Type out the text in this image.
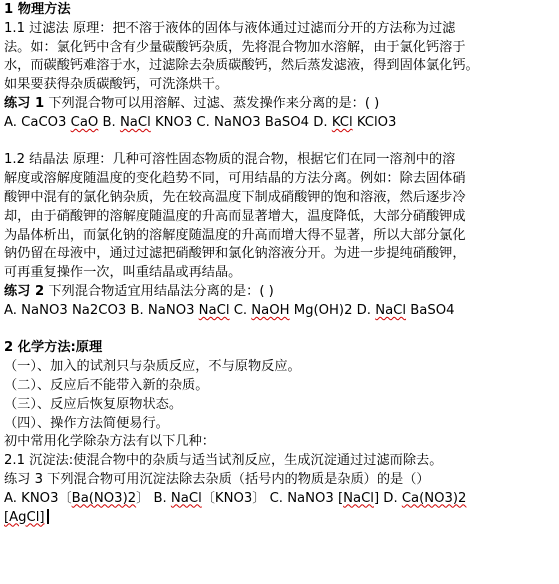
1 物理方法
1.1 过滤法 原理：把不溶于液体的固体与液体通过过滤而分开的方法称为过滤
法。如：氯化钙中含有少量碳酸钙杂质，先将混合物加水溶解，由于氯化钙溶于
水，而碳酸钙难溶于水，过滤除去杂质碳酸钙，然后蒸发滤液，得到固体氯化钙。
如果要获得杂质碳酸钙，可洗涤烘干。
练习 1 下列混合物可以用溶解、过滤、蒸发操作来分离的是：( )
A. CaCO3 CaO B. NaCl KNO3 C. NaNO3 BaSO4 D. KCl KClO3
1.2 结晶法 原理：几种可溶性固态物质的混合物，根据它们在同一溶剂中的溶
解度或溶解度随温度的变化趋势不同，可用结晶的方法分离。例如：除去固体硝
酸钾中混有的氯化钠杂质，先在较高温度下制成硝酸钾的饱和溶液，然后逐步冷
却，由于硝酸钾的溶解度随温度的升高而显著增大，温度降低，大部分硝酸钾成
为晶体析出，而氯化钠的溶解度随温度的升高而增大得不显著，所以大部分氯化
钠仍留在母液中，通过过滤把硝酸钾和氯化钠溶液分开。为进一步提纯硝酸钾，
可再重复操作一次，叫重结晶或再结晶。
练习 2 下列混合物适宜用结晶法分离的是：( )
A. NaNO3 Na2CO3 B. NaNO3 NaCl C. NaOH Mg(OH)2 D. NaCl BaSO4
2 化学方法:原理
（一）、加入的试剂只与杂质反应，不与原物反应。
（二）、反应后不能带入新的杂质。
（三）、反应后恢复原物状态。
（四）、操作方法简便易行。
初中常用化学除杂方法有以下几种：
2.1 沉淀法:使混合物中的杂质与适当试剂反应，生成沉淀通过过滤而除去。
练习 3 下列混合物可用沉淀法除去杂质（括号内的物质是杂质）的是（）
A. KNO3〔Ba(NO3)2〕 B. NaCl〔KNO3〕 C. NaNO3 [NaCl] D. Ca(NO3)2
[AgCl]
